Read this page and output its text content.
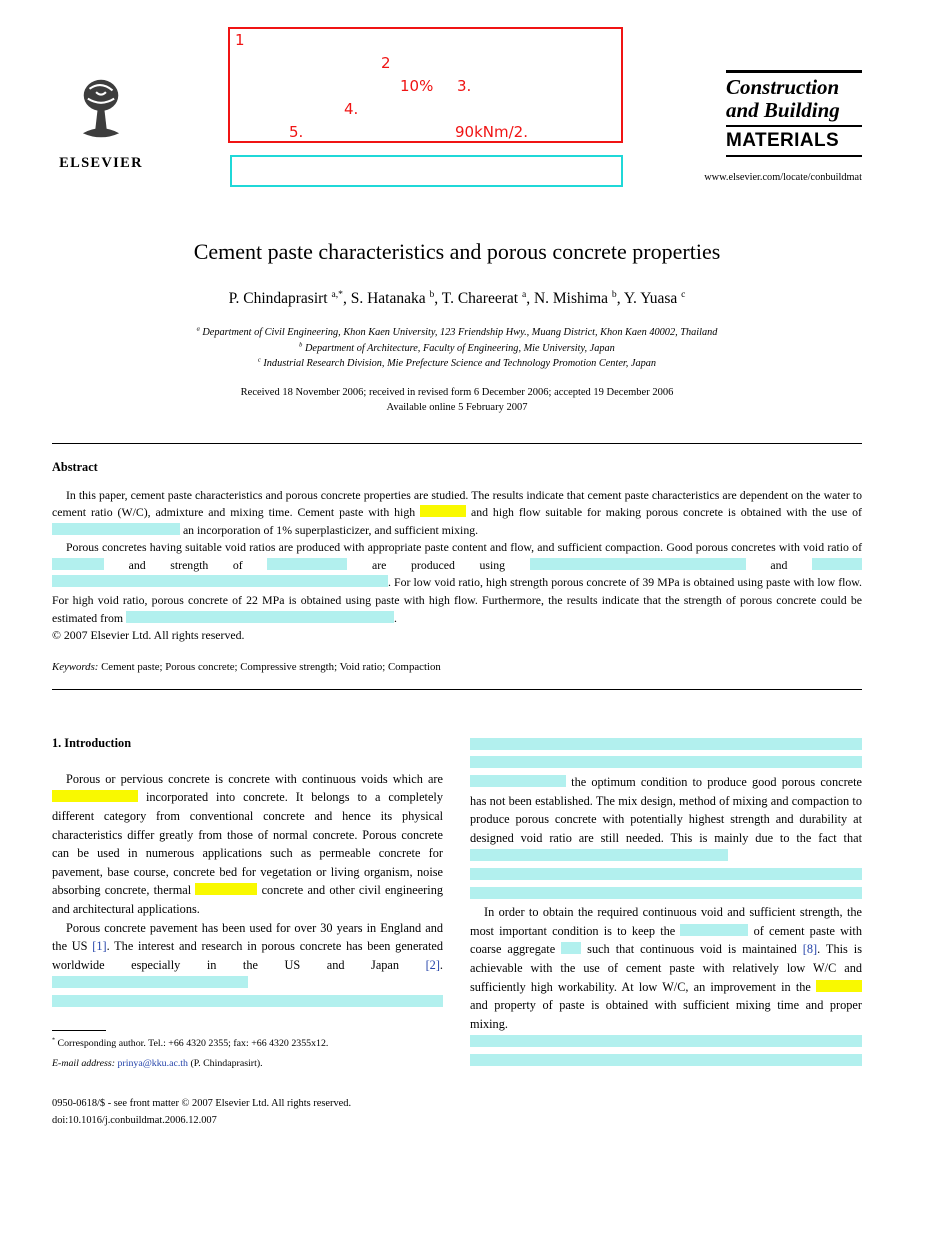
ELSEVIER
1
2
10% 3.
4.
5.	90kNm/2.
Construction
and Building
MATERIALS
www.elsevier.com/locate/conbuildmat
Cement paste characteristics and porous concrete properties
P. Chindaprasirt $^{a,*}$, S. Hatanaka $^b$, T. Chareerat $^a$, N. Mishima $^b$, Y. Yuasa $^c$
$^a$ Department of Civil Engineering, Khon Kaen University, 123 Friendship Hwy., Muang District, Khon Kaen 40002, Thailand
$^b$ Department of Architecture, Faculty of Engineering, Mie University, Japan
$^c$ Industrial Research Division, Mie Prefecture Science and Technology Promotion Center, Japan
Received 18 November 2006; received in revised form 6 December 2006; accepted 19 December 2006
Available online 5 February 2007
Abstract

In this paper, cement paste characteristics and porous concrete properties are studied. The results indicate that cement paste characteristics are dependent on the water to cement ratio (W/C), admixture and mixing time. Cement paste with high	and high flow suitable for making porous concrete is obtained with the use of  an incorporation of 1% superplasticizer, and sufficient mixing.

Porous concretes having suitable void ratios are produced with appropriate paste content and flow, and sufficient compaction. Good porous concretes with void ratio of  and strength of	are produced using	and  . For low void ratio, high strength porous concrete of 39 MPa is obtained using paste with low flow. For high void ratio, porous concrete of 22 MPa is obtained using paste with high flow. Furthermore, the results indicate that the strength of porous concrete could be estimated from	.

© 2007 Elsevier Ltd. All rights reserved.

Keywords: Cement paste; Porous concrete; Compressive strength; Void ratio; Compaction
1. Introduction

Porous or pervious concrete is concrete with continuous voids which are  incorporated into concrete. It belongs to a completely different category from conventional concrete and hence its physical characteristics differ greatly from those of normal concrete. Porous concrete can be used in numerous applications such as permeable concrete for pavement, base course, concrete bed for vegetation or living organism, noise absorbing concrete, thermal	concrete and other civil engineering and architectural applications.

Porous concrete pavement has been used for over 30 years in England and the US [1]. The interest and research in porous concrete has been generated worldwide especially in the US and Japan [2].

* Corresponding author. Tel.: +66 4320 2355; fax: +66 4320 2355x12.

E-mail address: prinya@kku.ac.th (P. Chindaprasirt).

0950-0618/$ - see front matter © 2007 Elsevier Ltd. All rights reserved.

doi:10.1016/j.conbuildmat.2006.12.007

the optimum condition to produce good porous concrete has not been established. The mix design, method of mixing and compaction to produce porous concrete with potentially highest strength and durability at designed void ratio are still needed. This is mainly due to the fact that

In order to obtain the required continuous void and sufficient strength, the most important condition is to keep the	of cement paste with coarse aggregate  such that continuous void is maintained [8]. This is achievable with the use of cement paste with relatively low W/C and sufficiently high workability. At low W/C, an improvement in the  and property of paste is obtained with sufficient mixing time and proper mixing.
